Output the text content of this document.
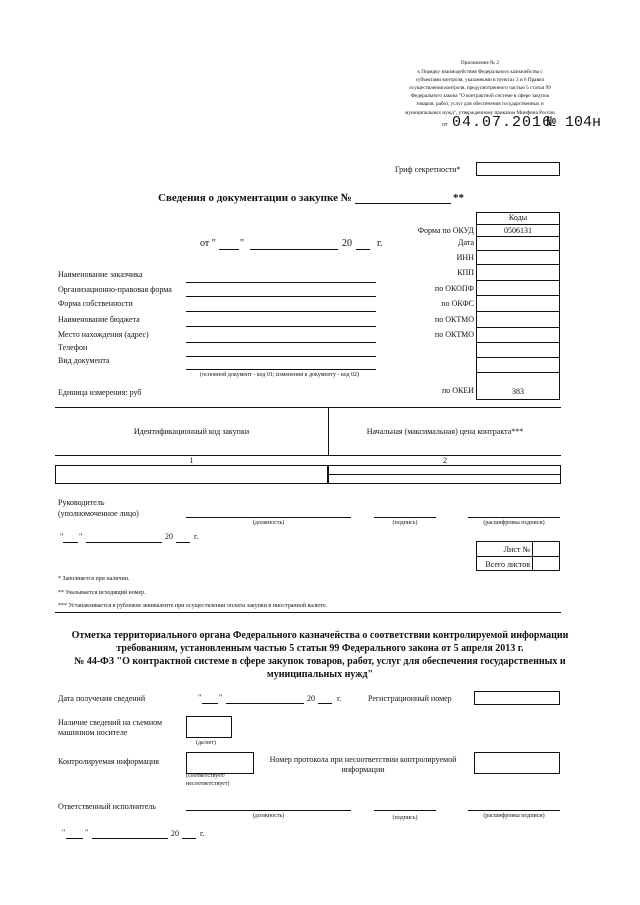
Приложение № 2
к Порядку взаимодействия Федерального казначейства с
субъектами контроля, указанными в пунктах 3 и 6 Правил
осуществления контроля, предусмотренного частью 5 статьи 99
Федерального закона "О контрактной системе в сфере закупок
товаров, работ, услуг для обеспечения государственных и
муниципальных нужд", утвержденному приказом Минфина России
от 04.07.2016
№ 104н
Гриф секретности*
Сведения о документации о закупке №	**
от " "	20	г.
Коды
Форма по ОКУД	0506131
Дата
ИНН
КПП
по ОКОПФ
по ОКФС
по ОКТМО
по ОКТМО
по ОКЕИ	383
Наименование заказчика
Организационно-правовая форма
Форма собственности
Наименование бюджета
Место нахождения (адрес)
Телефон
Вид документа
(основной документ - код 01; изменения к документу - код 02)
Единица измерения: руб
Идентификационный код закупки	Начальная (максимальная) цена контракта***
1	2
Руководитель
(уполномоченное лицо)
(должность)	(подпись)	(расшифровка подписи)
" "	20	г.
Лист №
Всего листов
* Заполняется при наличии.
** Указывается исходящий номер.
*** Устанавливается в рублевом эквиваленте при осуществлении оплаты закупки в иностранной валюте.
Отметка территориального органа Федерального казначейства о соответствии контролируемой информации
требованиям, установленным частью 5 статьи 99 Федерального закона от 5 апреля 2013 г.
№ 44-ФЗ "О контрактной системе в сфере закупок товаров, работ, услуг для обеспечения государственных и
муниципальных нужд"
Дата получения сведений	" "	20	г.	Регистрационный номер
Наличие сведений на съемном
машинном носителе
(да/нет)
Контролируемая информация
(соответствует/
несоответствует)
Номер протокола при несоответствии контролируемой
информации
Ответственный исполнитель
(должность)	(подпись)	(расшифровка подписи)
" "	20	г.
